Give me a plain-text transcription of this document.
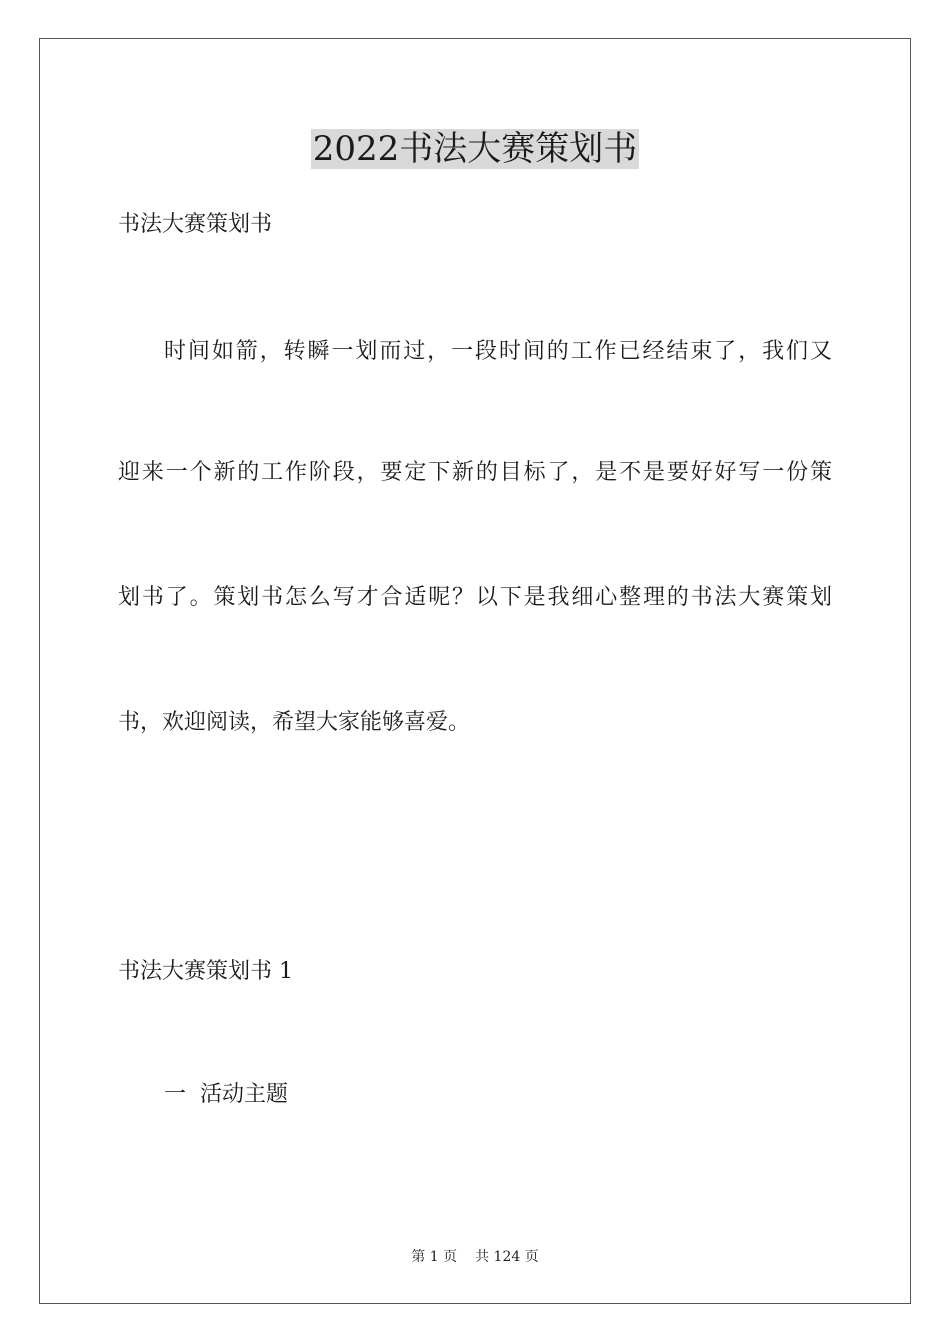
2022书法大赛策划书

书法大赛策划书

时间如箭，转瞬一划而过，一段时间的工作已经结束了，我们又

迎来一个新的工作阶段，要定下新的目标了，是不是要好好写一份策

划书了。策划书怎么写才合适呢？以下是我细心整理的书法大赛策划

书，欢迎阅读，希望大家能够喜爱。

书法大赛策划书 1

一  活动主题

第 1 页 共 124 页
